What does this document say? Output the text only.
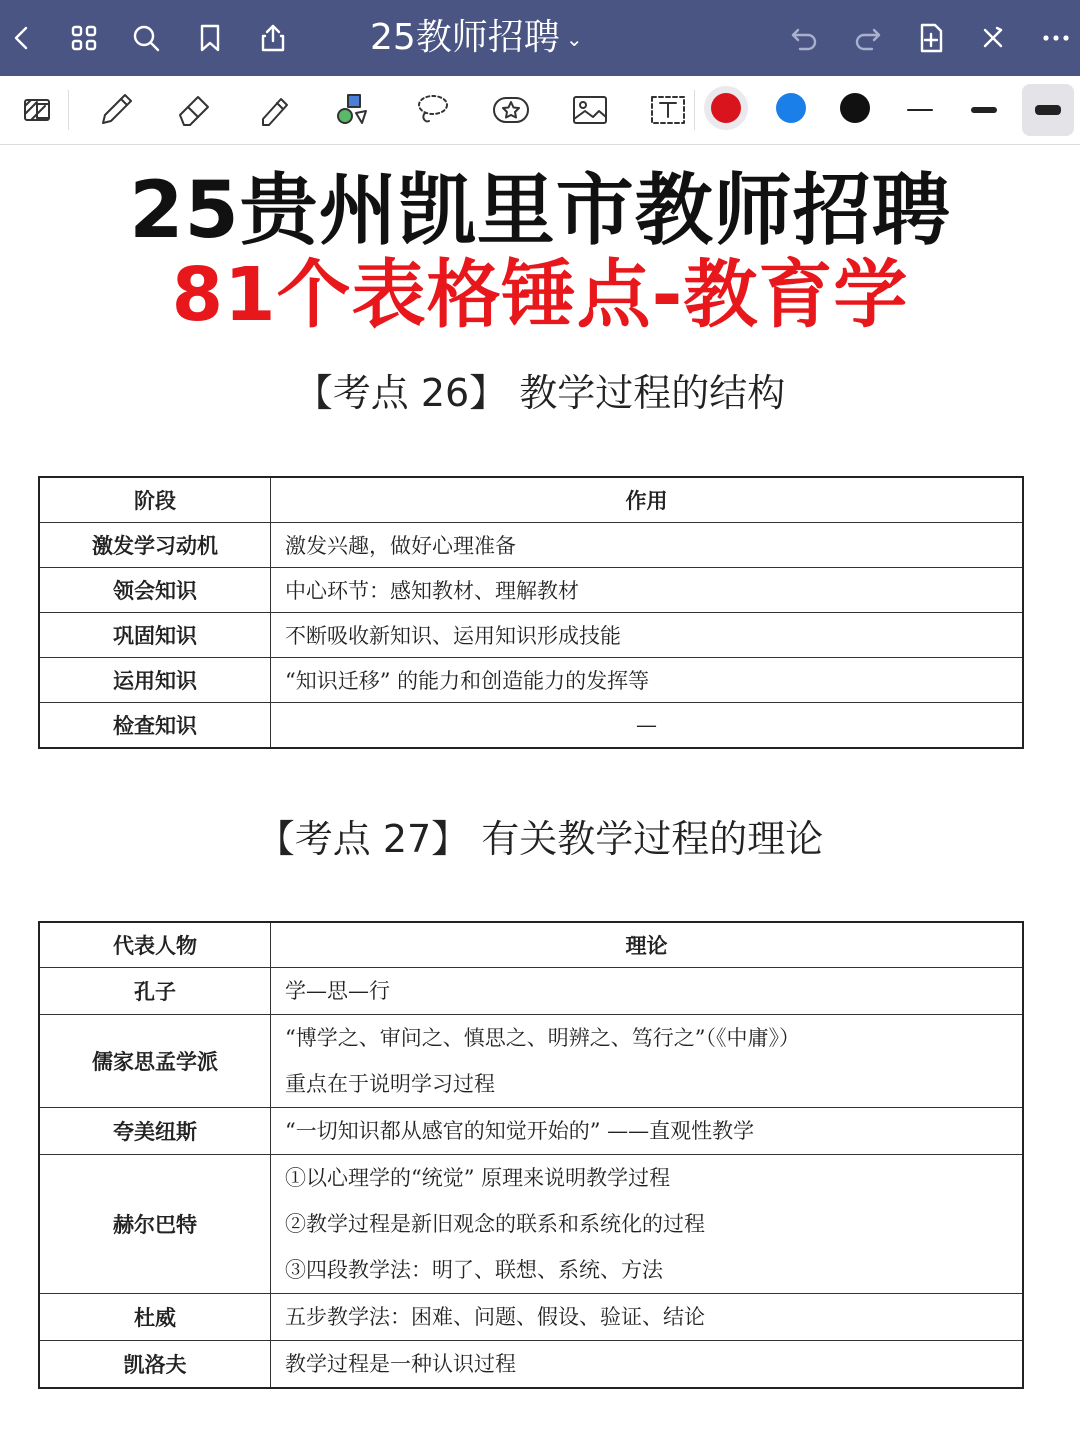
25教师招聘 ⌄
25贵州凯里市教师招聘
81个表格锤点-教育学
【考点 26】 教学过程的结构
阶段	作用
激发学习动机	激发兴趣，做好心理准备
领会知识	中心环节：感知教材、理解教材
巩固知识	不断吸收新知识、运用知识形成技能
运用知识	“知识迁移” 的能力和创造能力的发挥等
检查知识	—
【考点 27】 有关教学过程的理论
代表人物	理论
孔子	学—思—行

儒家思孟学派	“博学之、审问之、慎思之、明辨之、笃行之”（《中庸》）
重点在于说明学习过程

夸美纽斯	“一切知识都从感官的知觉开始的” ——直观性教学

赫尔巴特	①以心理学的“统觉” 原理来说明教学过程
②教学过程是新旧观念的联系和系统化的过程
③四段教学法：明了、联想、系统、方法

杜威	五步教学法：困难、问题、假设、验证、结论

凯洛夫	教学过程是一种认识过程
